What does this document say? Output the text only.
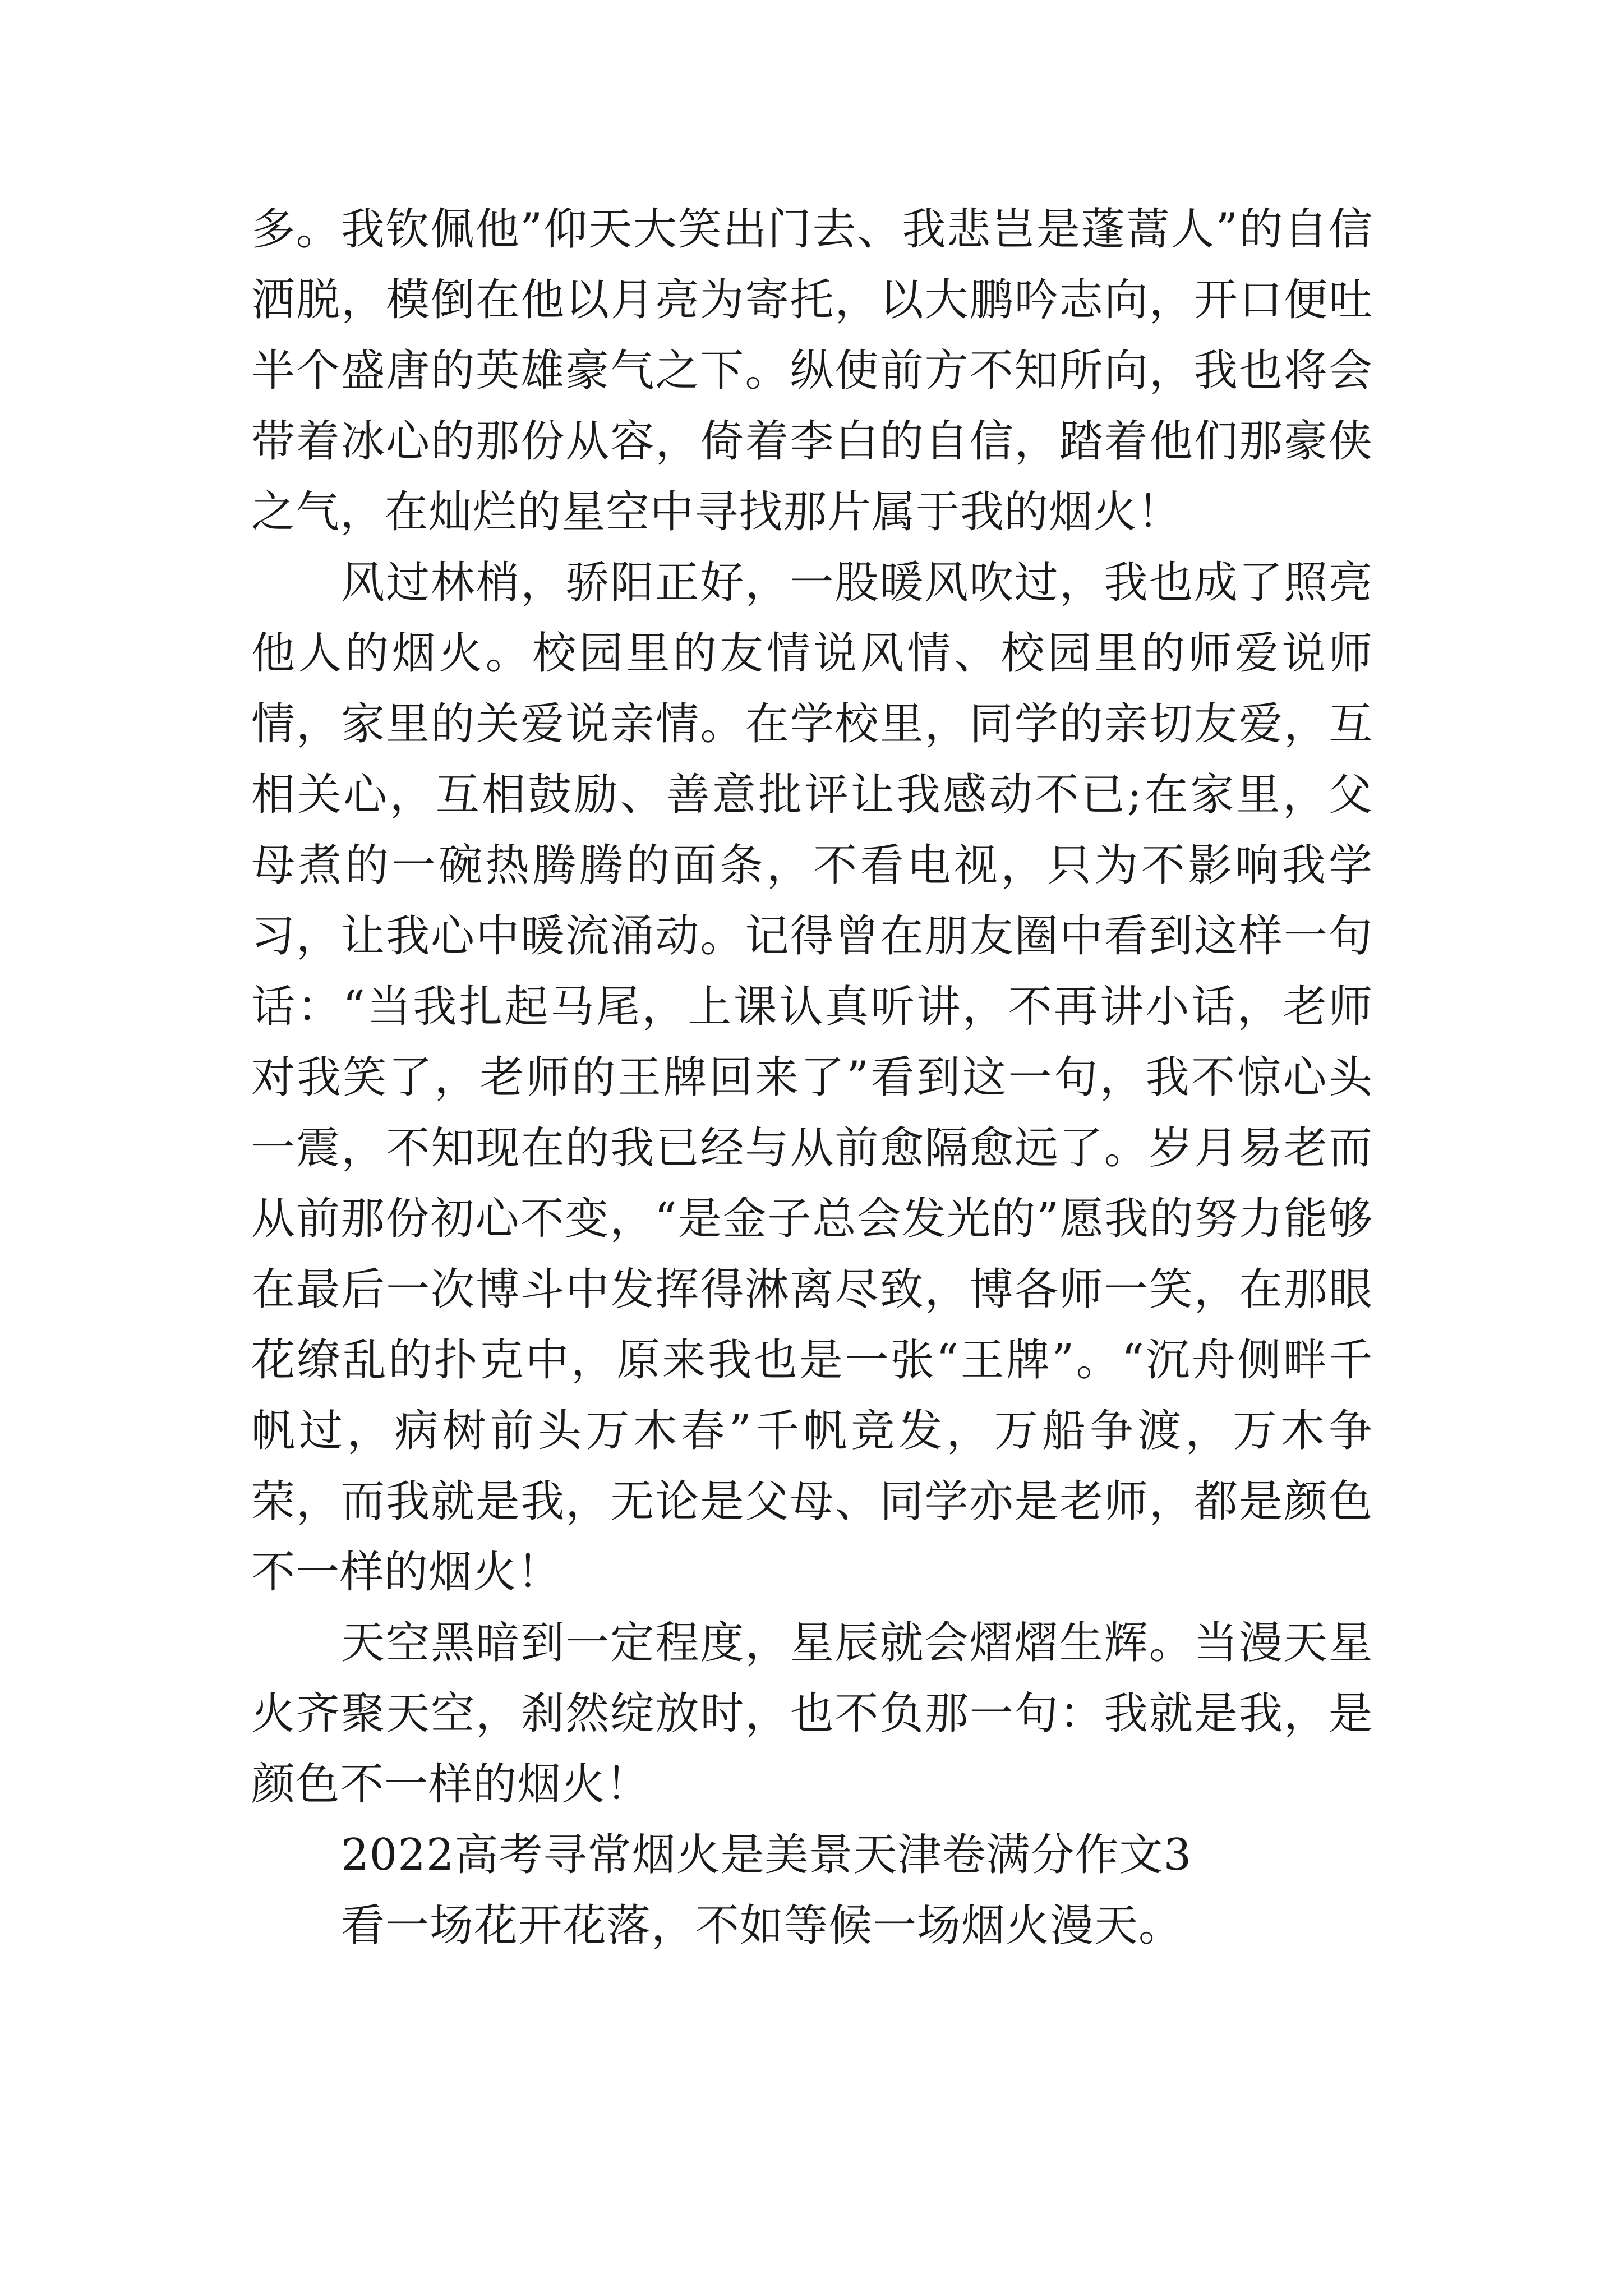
多。我钦佩他”仰天大笑出门去、我悲岂是蓬蒿人”的自信洒脱，模倒在他以月亮为寄托，以大鹏吟志向，开口便吐半个盛唐的英雄豪气之下。纵使前方不知所向，我也将会带着冰心的那份从容，倚着李白的自信，踏着他们那豪侠之气，在灿烂的星空中寻找那片属于我的烟火！

风过林梢，骄阳正好，一股暖风吹过，我也成了照亮他人的烟火。校园里的友情说风情、校园里的师爱说师情，家里的关爱说亲情。在学校里，同学的亲切友爱，互相关心，互相鼓励、善意批评让我感动不已;在家里，父母煮的一碗热腾腾的面条，不看电视，只为不影响我学习，让我心中暖流涌动。记得曾在朋友圈中看到这样一句话：“当我扎起马尾，上课认真听讲，不再讲小话，老师对我笑了，老师的王牌回来了”看到这一句，我不惊心头一震，不知现在的我已经与从前愈隔愈远了。岁月易老而从前那份初心不变，“是金子总会发光的”愿我的努力能够在最后一次博斗中发挥得淋离尽致，博各师一笑，在那眼花缭乱的扑克中，原来我也是一张“王牌”。“沉舟侧畔千帆过，病树前头万木春”千帆竞发，万船争渡，万木争荣，而我就是我，无论是父母、同学亦是老师，都是颜色不一样的烟火！

天空黑暗到一定程度，星辰就会熠熠生辉。当漫天星火齐聚天空，刹然绽放时，也不负那一句：我就是我，是颜色不一样的烟火！

2022高考寻常烟火是美景天津卷满分作文3

看一场花开花落，不如等候一场烟火漫天。
